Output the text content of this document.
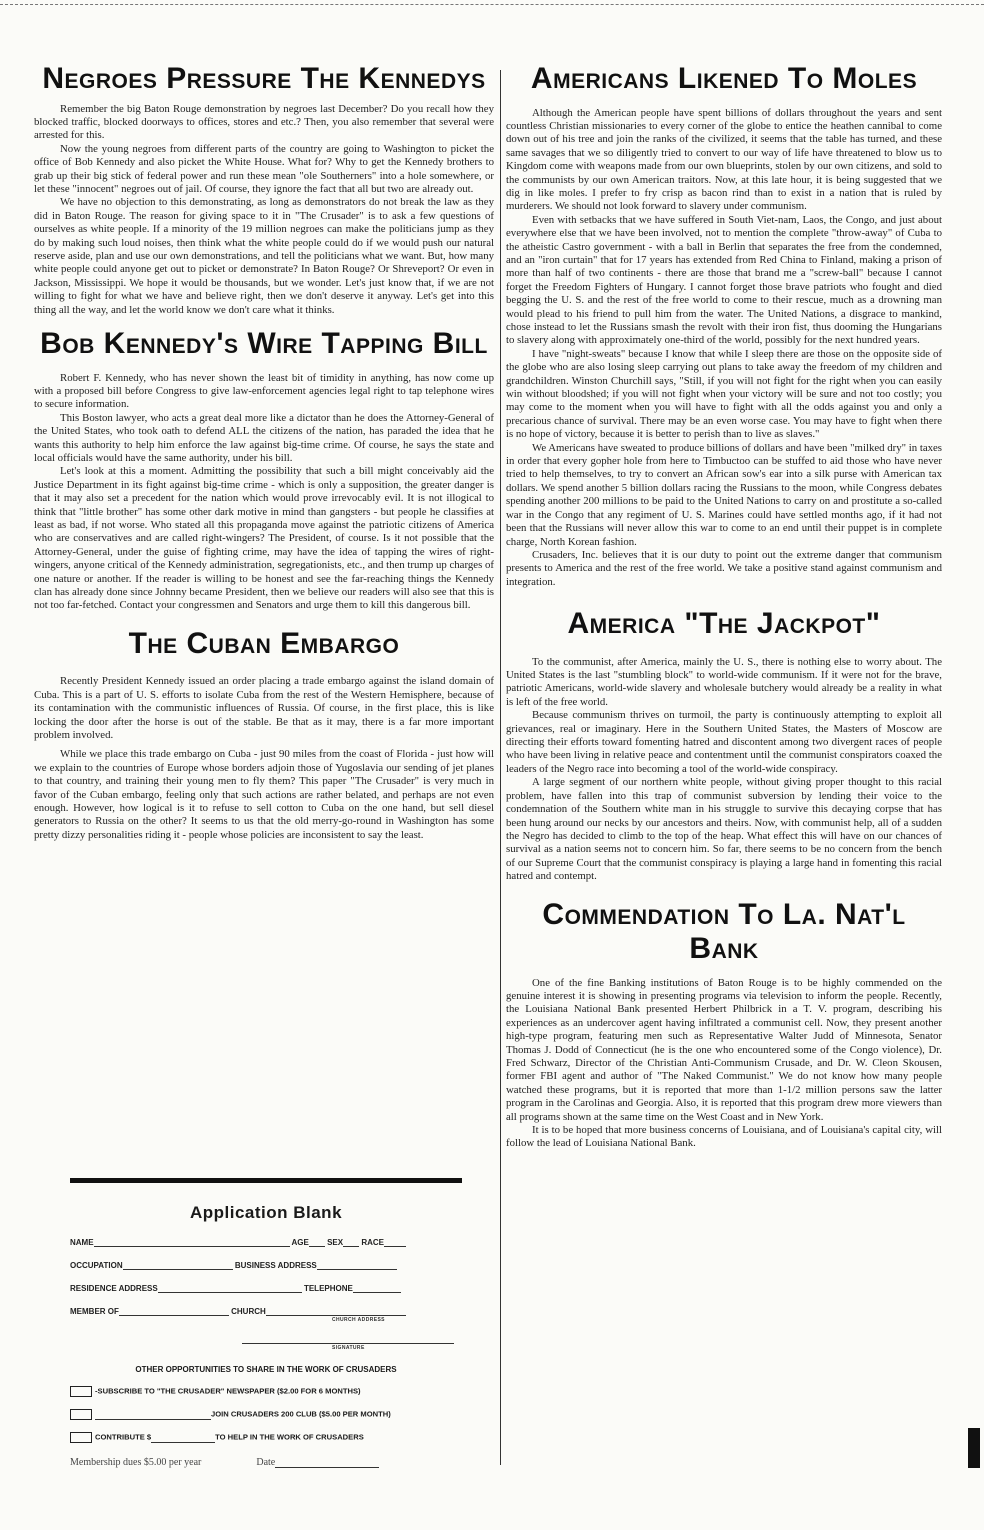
Negroes Pressure The Kennedys

Remember the big Baton Rouge demonstration by negroes last December? Do you recall how they blocked traffic, blocked doorways to offices, stores and etc.? Then, you also remember that several were arrested for this.

Now the young negroes from different parts of the country are going to Washington to picket the office of Bob Kennedy and also picket the White House. What for? Why to get the Kennedy brothers to grab up their big stick of federal power and run these mean "ole Southerners" into a hole somewhere, or let these "innocent" negroes out of jail. Of course, they ignore the fact that all but two are already out.

We have no objection to this demonstrating, as long as demonstrators do not break the law as they did in Baton Rouge. The reason for giving space to it in "The Crusader" is to ask a few questions of ourselves as white people. If a minority of the 19 million negroes can make the politicians jump as they do by making such loud noises, then think what the white people could do if we would push our natural reserve aside, plan and use our own demonstrations, and tell the politicians what we want. But, how many white people could anyone get out to picket or demonstrate? In Baton Rouge? Or Shreveport? Or even in Jackson, Mississippi. We hope it would be thousands, but we wonder. Let's just know that, if we are not willing to fight for what we have and believe right, then we don't deserve it anyway. Let's get into this thing all the way, and let the world know we don't care what it thinks.

Bob Kennedy's Wire Tapping Bill

Robert F. Kennedy, who has never shown the least bit of timidity in anything, has now come up with a proposed bill before Congress to give law-enforcement agencies legal right to tap telephone wires to secure information.

This Boston lawyer, who acts a great deal more like a dictator than he does the Attorney-General of the United States, who took oath to defend ALL the citizens of the nation, has paraded the idea that he wants this authority to help him enforce the law against big-time crime. Of course, he says the state and local officials would have the same authority, under his bill.

Let's look at this a moment. Admitting the possibility that such a bill might conceivably aid the Justice Department in its fight against big-time crime - which is only a supposition, the greater danger is that it may also set a precedent for the nation which would prove irrevocably evil. It is not illogical to think that "little brother" has some other dark motive in mind than gangsters - but people he classifies at least as bad, if not worse. Who stated all this propaganda move against the patriotic citizens of America who are conservatives and are called right-wingers? The President, of course. Is it not possible that the Attorney-General, under the guise of fighting crime, may have the idea of tapping the wires of right-wingers, anyone critical of the Kennedy administration, segregationists, etc., and then trump up charges of one nature or another. If the reader is willing to be honest and see the far-reaching things the Kennedy clan has already done since Johnny became President, then we believe our readers will also see that this is not too far-fetched. Contact your congressmen and Senators and urge them to kill this dangerous bill.

The Cuban Embargo

Recently President Kennedy issued an order placing a trade embargo against the island domain of Cuba. This is a part of U. S. efforts to isolate Cuba from the rest of the Western Hemisphere, because of its contamination with the communistic influences of Russia. Of course, in the first place, this is like locking the door after the horse is out of the stable. Be that as it may, there is a far more important problem involved.

While we place this trade embargo on Cuba - just 90 miles from the coast of Florida - just how will we explain to the countries of Europe whose borders adjoin those of Yugoslavia our sending of jet planes to that country, and training their young men to fly them? This paper "The Crusader" is very much in favor of the Cuban embargo, feeling only that such actions are rather belated, and perhaps are not even enough. However, how logical is it to refuse to sell cotton to Cuba on the one hand, but sell diesel generators to Russia on the other? It seems to us that the old merry-go-round in Washington has some pretty dizzy personalities riding it - people whose policies are inconsistent to say the least.

Application Blank
NAME	AGE SEX RACE
OCCUPATION	BUSINESS ADDRESS
RESIDENCE ADDRESS	TELEPHONE
MEMBER OF	CHURCH
CHURCH ADDRESS
SIGNATURE
OTHER OPPORTUNITIES TO SHARE IN THE WORK OF CRUSADERS
-SUBSCRIBE TO "THE CRUSADER" NEWSPAPER ($2.00 FOR 6 MONTHS)
JOIN CRUSADERS 200 CLUB ($5.00 PER MONTH)
CONTRIBUTE $	TO HELP IN THE WORK OF CRUSADERS
Membership dues $5.00 per year	Date
Americans Likened To Moles

Although the American people have spent billions of dollars throughout the years and sent countless Christian missionaries to every corner of the globe to entice the heathen cannibal to come down out of his tree and join the ranks of the civilized, it seems that the table has turned, and these same savages that we so diligently tried to convert to our way of life have threatened to blow us to Kingdom come with weapons made from our own blueprints, stolen by our own citizens, and sold to the communists by our own American traitors. Now, at this late hour, it is being suggested that we dig in like moles. I prefer to fry crisp as bacon rind than to exist in a nation that is ruled by murderers. We should not look forward to slavery under communism.

Even with setbacks that we have suffered in South Viet-nam, Laos, the Congo, and just about everywhere else that we have been involved, not to mention the complete "throw-away" of Cuba to the atheistic Castro government - with a ball in Berlin that separates the free from the condemned, and an "iron curtain" that for 17 years has extended from Red China to Finland, making a prison of more than half of two continents - there are those that brand me a "screw-ball" because I cannot forget the Freedom Fighters of Hungary. I cannot forget those brave patriots who fought and died begging the U. S. and the rest of the free world to come to their rescue, much as a drowning man would plead to his friend to pull him from the water. The United Nations, a disgrace to mankind, chose instead to let the Russians smash the revolt with their iron fist, thus dooming the Hungarians to slavery along with approximately one-third of the world, possibly for the next hundred years.

I have "night-sweats" because I know that while I sleep there are those on the opposite side of the globe who are also losing sleep carrying out plans to take away the freedom of my children and grandchildren. Winston Churchill says, "Still, if you will not fight for the right when you can easily win without bloodshed; if you will not fight when your victory will be sure and not too costly; you may come to the moment when you will have to fight with all the odds against you and only a precarious chance of survival. There may be an even worse case. You may have to fight when there is no hope of victory, because it is better to perish than to live as slaves."

We Americans have sweated to produce billions of dollars and have been "milked dry" in taxes in order that every gopher hole from here to Timbuctoo can be stuffed to aid those who have never tried to help themselves, to try to convert an African sow's ear into a silk purse with American tax dollars. We spend another 5 billion dollars racing the Russians to the moon, while Congress debates spending another 200 millions to be paid to the United Nations to carry on and prostitute a so-called war in the Congo that any regiment of U. S. Marines could have settled months ago, if it had not been that the Russians will never allow this war to come to an end until their puppet is in complete charge, North Korean fashion.

Crusaders, Inc. believes that it is our duty to point out the extreme danger that communism presents to America and the rest of the free world. We take a positive stand against communism and integration.

America "The Jackpot"

To the communist, after America, mainly the U. S., there is nothing else to worry about. The United States is the last "stumbling block" to world-wide communism. If it were not for the brave, patriotic Americans, world-wide slavery and wholesale butchery would already be a reality in what is left of the free world.

Because communism thrives on turmoil, the party is continuously attempting to exploit all grievances, real or imaginary. Here in the Southern United States, the Masters of Moscow are directing their efforts toward fomenting hatred and discontent among two divergent races of people who have been living in relative peace and contentment until the communist conspirators coaxed the leaders of the Negro race into becoming a tool of the world-wide conspiracy.

A large segment of our northern white people, without giving proper thought to this racial problem, have fallen into this trap of communist subversion by lending their voice to the condemnation of the Southern white man in his struggle to survive this decaying corpse that has been hung around our necks by our ancestors and theirs. Now, with communist help, all of a sudden the Negro has decided to climb to the top of the heap. What effect this will have on our chances of survival as a nation seems not to concern him. So far, there seems to be no concern from the bench of our Supreme Court that the communist conspiracy is playing a large hand in fomenting this racial hatred and contempt.

Commendation To La. Nat'l Bank

One of the fine Banking institutions of Baton Rouge is to be highly commended on the genuine interest it is showing in presenting programs via television to inform the people. Recently, the Louisiana National Bank presented Herbert Philbrick in a T. V. program, describing his experiences as an undercover agent having infiltrated a communist cell. Now, they present another high-type program, featuring men such as Representative Walter Judd of Minnesota, Senator Thomas J. Dodd of Connecticut (he is the one who encountered some of the Congo violence), Dr. Fred Schwarz, Director of the Christian Anti-Communism Crusade, and Dr. W. Cleon Skousen, former FBI agent and author of "The Naked Communist." We do not know how many people watched these programs, but it is reported that more than 1-1/2 million persons saw the latter program in the Carolinas and Georgia. Also, it is reported that this program drew more viewers than all programs shown at the same time on the West Coast and in New York.

It is to be hoped that more business concerns of Louisiana, and of Louisiana's capital city, will follow the lead of Louisiana National Bank.
